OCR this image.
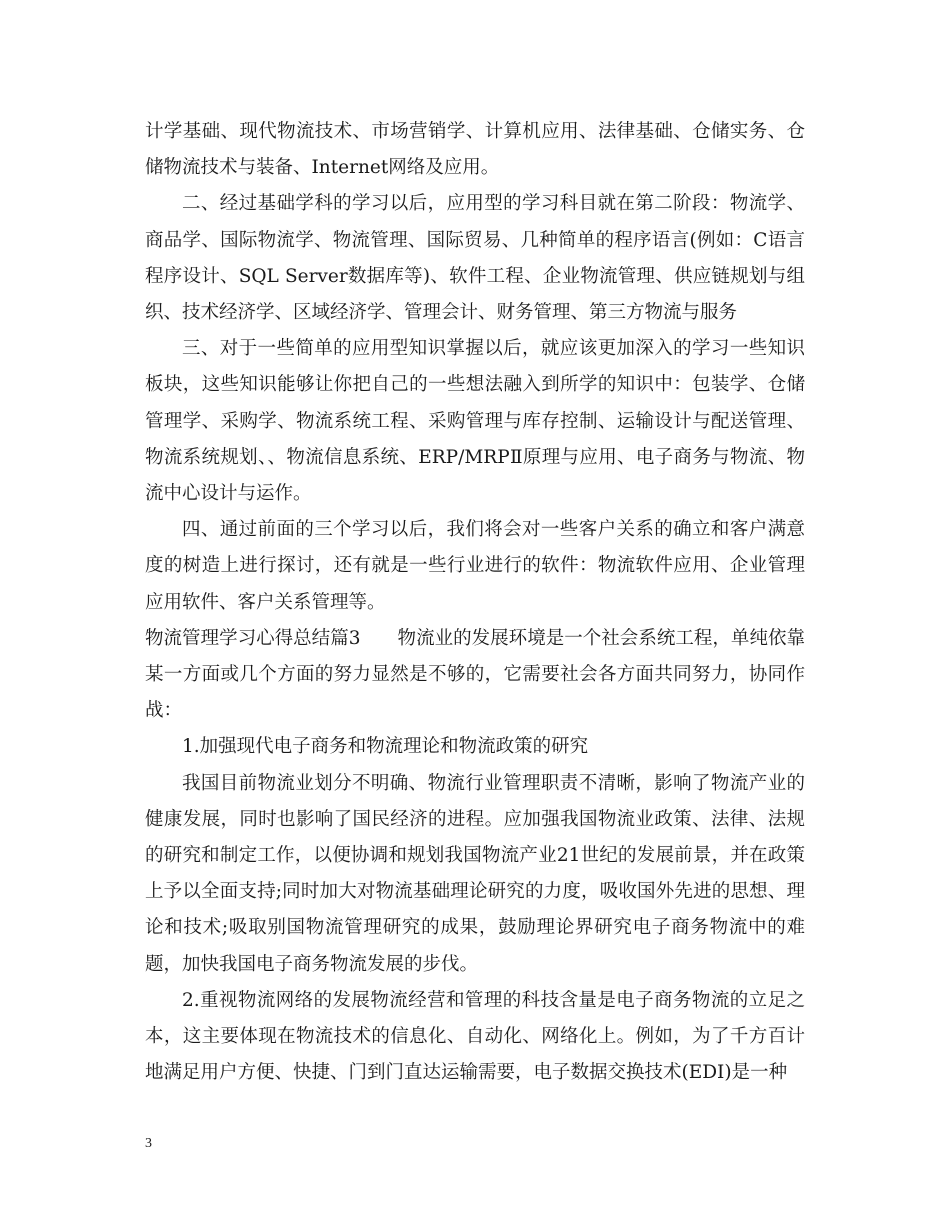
计学基础、现代物流技术、市场营销学、计算机应用、法律基础、仓储实务、仓储物流技术与装备、Internet网络及应用。

二、经过基础学科的学习以后，应用型的学习科目就在第二阶段：物流学、商品学、国际物流学、物流管理、国际贸易、几种简单的程序语言(例如：C语言程序设计、SQL Server数据库等)、软件工程、企业物流管理、供应链规划与组织、技术经济学、区域经济学、管理会计、财务管理、第三方物流与服务

三、对于一些简单的应用型知识掌握以后，就应该更加深入的学习一些知识板块，这些知识能够让你把自己的一些想法融入到所学的知识中：包装学、仓储管理学、采购学、物流系统工程、采购管理与库存控制、运输设计与配送管理、物流系统规划、、物流信息系统、ERP/MRPⅡ原理与应用、电子商务与物流、物流中心设计与运作。

四、通过前面的三个学习以后，我们将会对一些客户关系的确立和客户满意度的树造上进行探讨，还有就是一些行业进行的软件：物流软件应用、企业管理应用软件、客户关系管理等。

物流管理学习心得总结篇3　　物流业的发展环境是一个社会系统工程，单纯依靠某一方面或几个方面的努力显然是不够的，它需要社会各方面共同努力，协同作战：

1.加强现代电子商务和物流理论和物流政策的研究

我国目前物流业划分不明确、物流行业管理职责不清晰，影响了物流产业的健康发展，同时也影响了国民经济的进程。应加强我国物流业政策、法律、法规的研究和制定工作，以便协调和规划我国物流产业21世纪的发展前景，并在政策上予以全面支持;同时加大对物流基础理论研究的力度，吸收国外先进的思想、理论和技术;吸取别国物流管理研究的成果，鼓励理论界研究电子商务物流中的难题，加快我国电子商务物流发展的步伐。

2.重视物流网络的发展物流经营和管理的科技含量是电子商务物流的立足之本，这主要体现在物流技术的信息化、自动化、网络化上。例如，为了千方百计地满足用户方便、快捷、门到门直达运输需要，电子数据交换技术(EDI)是一种

3
